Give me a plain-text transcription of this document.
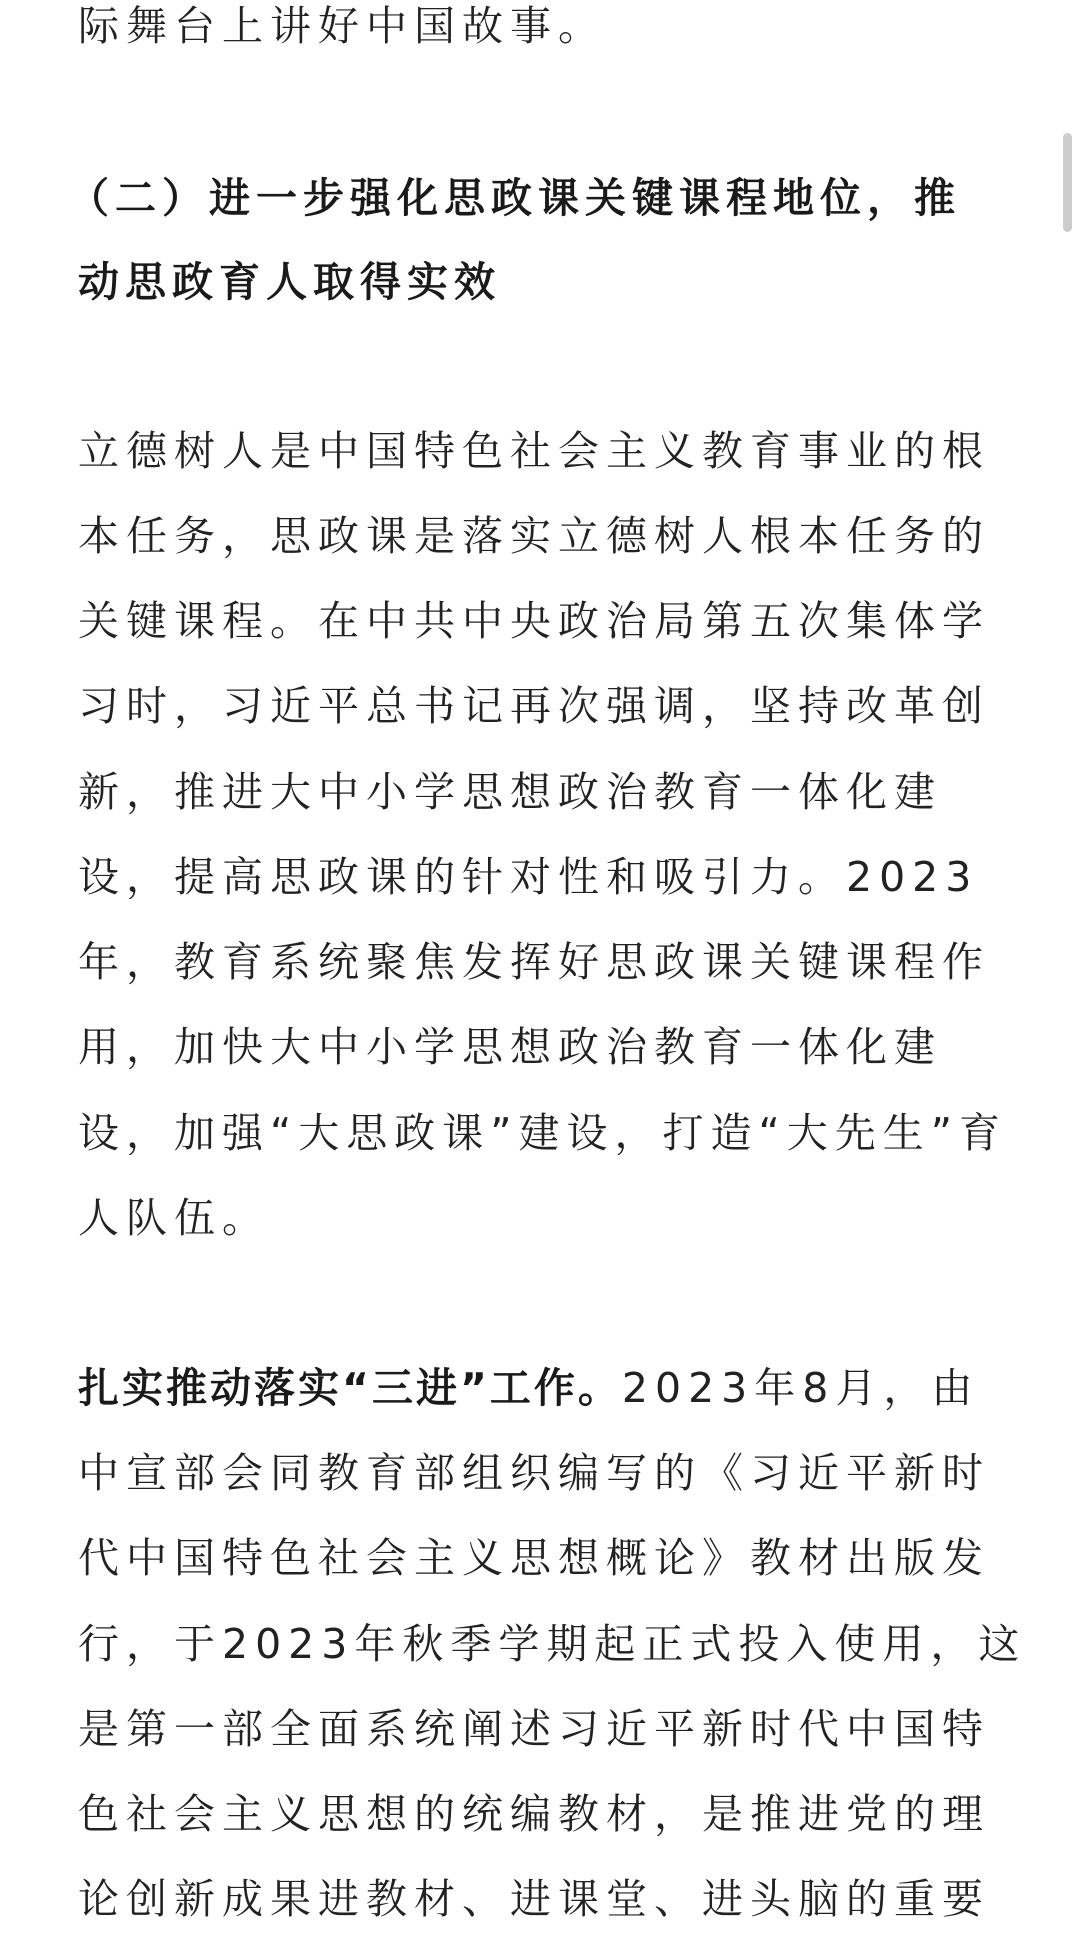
际舞台上讲好中国故事。
（二）进一步强化思政课关键课程地位，推
动思政育人取得实效
立德树人是中国特色社会主义教育事业的根
本任务，思政课是落实立德树人根本任务的
关键课程。在中共中央政治局第五次集体学
习时，习近平总书记再次强调，坚持改革创
新，推进大中小学思想政治教育一体化建
设，提高思政课的针对性和吸引力。2023
年，教育系统聚焦发挥好思政课关键课程作
用，加快大中小学思想政治教育一体化建
设，加强“大思政课”建设，打造“大先生”育
人队伍。
扎实推动落实“三进”工作。2023年8月，由
中宣部会同教育部组织编写的《习近平新时
代中国特色社会主义思想概论》教材出版发
行，于2023年秋季学期起正式投入使用，这
是第一部全面系统阐述习近平新时代中国特
色社会主义思想的统编教材，是推进党的理
论创新成果进教材、进课堂、进头脑的重要
